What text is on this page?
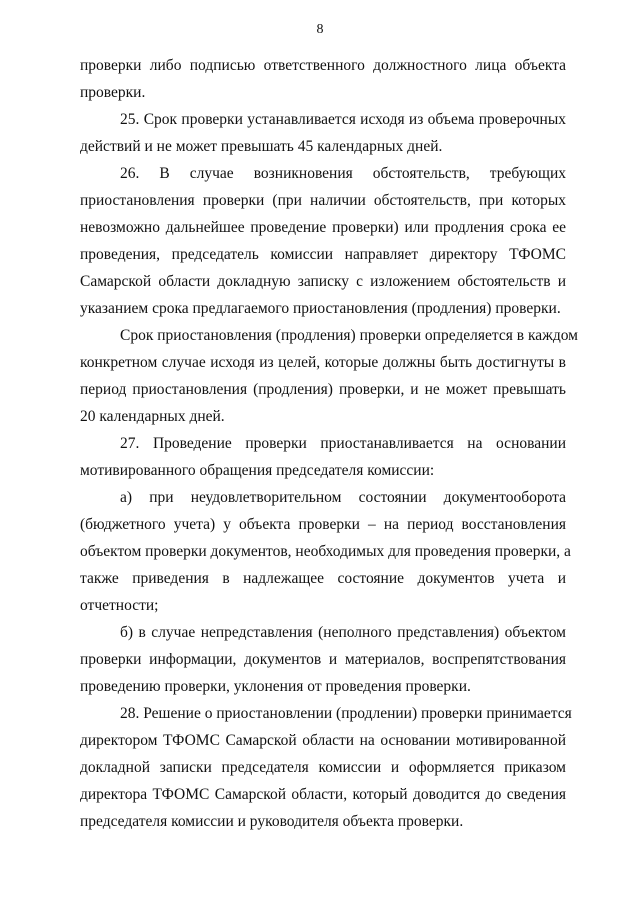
8
проверки либо подписью ответственного должностного лица объекта
проверки.
25. Срок проверки устанавливается исходя из объема проверочных
действий и не может превышать 45 календарных дней.
26. В случае возникновения обстоятельств, требующих
приостановления проверки (при наличии обстоятельств, при которых
невозможно дальнейшее проведение проверки) или продления срока ее
проведения, председатель комиссии направляет директору ТФОМС
Самарской области докладную записку с изложением обстоятельств и
указанием срока предлагаемого приостановления (продления) проверки.
Срок приостановления (продления) проверки определяется в каждом
конкретном случае исходя из целей, которые должны быть достигнуты в
период приостановления (продления) проверки, и не может превышать
20 календарных дней.
27. Проведение проверки приостанавливается на основании
мотивированного обращения председателя комиссии:
а) при неудовлетворительном состоянии документооборота
(бюджетного учета) у объекта проверки – на период восстановления
объектом проверки документов, необходимых для проведения проверки, а
также приведения в надлежащее состояние документов учета и
отчетности;
б) в случае непредставления (неполного представления) объектом
проверки информации, документов и материалов, воспрепятствования
проведению проверки, уклонения от проведения проверки.
28. Решение о приостановлении (продлении) проверки принимается
директором ТФОМС Самарской области на основании мотивированной
докладной записки председателя комиссии и оформляется приказом
директора ТФОМС Самарской области, который доводится до сведения
председателя комиссии и руководителя объекта проверки.
